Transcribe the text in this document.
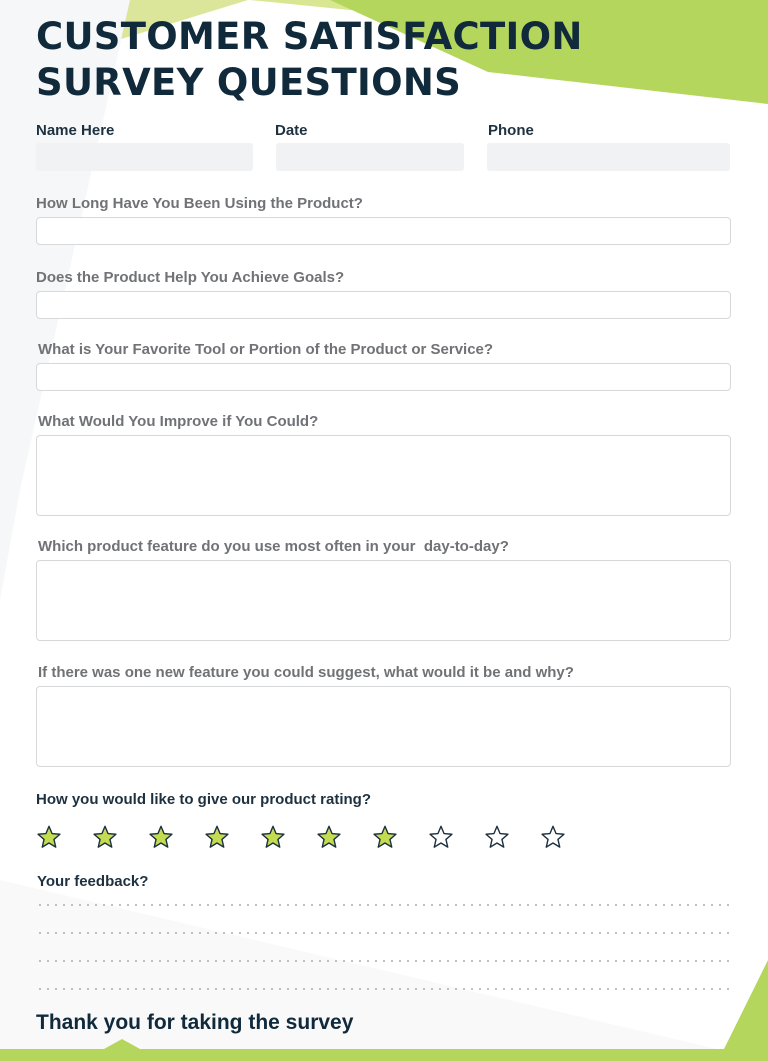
CUSTOMER SATISFACTION
SURVEY QUESTIONS
Name Here	Date	Phone
How Long Have You Been Using the Product?
Does the Product Help You Achieve Goals?
What is Your Favorite Tool or Portion of the Product or Service?
What Would You Improve if You Could?
Which product feature do you use most often in your  day-to-day?
If there was one new feature you could suggest, what would it be and why?
How you would like to give our product rating?
Your feedback?
Thank you for taking the survey
